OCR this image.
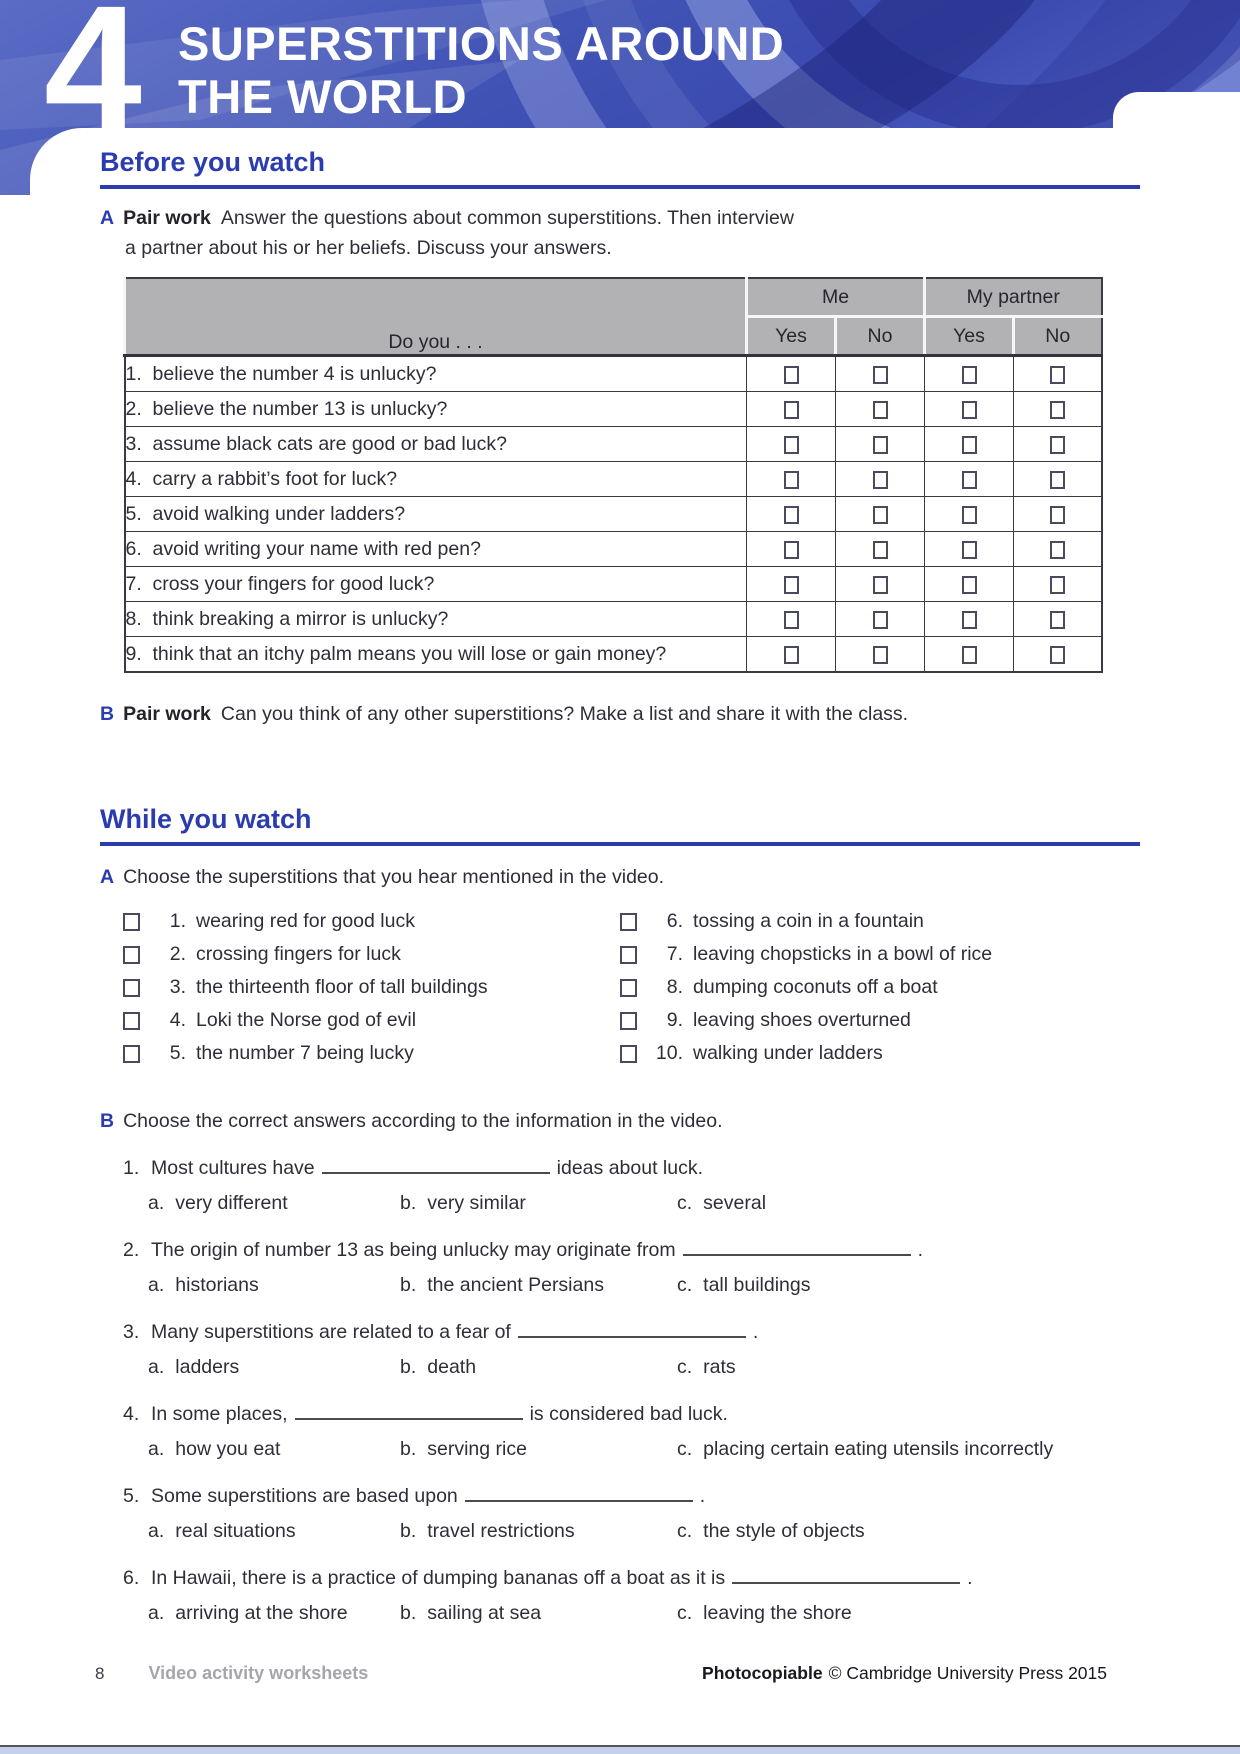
4 SUPERSTITIONS AROUND
THE WORLD
Before you watch

A Pair work Answer the questions about common superstitions. Then interview
a partner about his or her beliefs. Discuss your answers.

Do you . . .	Me		My partner	
	Yes	No	Yes	No
1. believe the number 4 is unlucky?				
2. believe the number 13 is unlucky?				
3. assume black cats are good or bad luck?				
4. carry a rabbit’s foot for luck?				
5. avoid walking under ladders?				
6. avoid writing your name with red pen?				
7. cross your fingers for good luck?				
8. think breaking a mirror is unlucky?				
9. think that an itchy palm means you will lose or gain money?				

B Pair work Can you think of any other superstitions? Make a list and share it with the class.

While you watch

A Choose the superstitions that you hear mentioned in the video.

1. wearing red for good luck	6. tossing a coin in a fountain
2. crossing fingers for luck	7. leaving chopsticks in a bowl of rice
3. the thirteenth floor of tall buildings	8. dumping coconuts off a boat
4. Loki the Norse god of evil	9. leaving shoes overturned
5. the number 7 being lucky	10. walking under ladders

B Choose the correct answers according to the information in the video.

1. Most cultures have	ideas about luck.
a. very different	b. very similar	c. several
2. The origin of number 13 as being unlucky may originate from	.
a. historians	b. the ancient Persians	c. tall buildings
3. Many superstitions are related to a fear of	.
a. ladders	b. death	c. rats
4. In some places,	is considered bad luck.
a. how you eat	b. serving rice	c. placing certain eating utensils incorrectly
5. Some superstitions are based upon	.
a. real situations	b. travel restrictions	c. the style of objects
6. In Hawaii, there is a practice of dumping bananas off a boat as it is	.
a. arriving at the shore	b. sailing at sea	c. leaving the shore
8 Video activity worksheets	Photocopiable © Cambridge University Press 2015
